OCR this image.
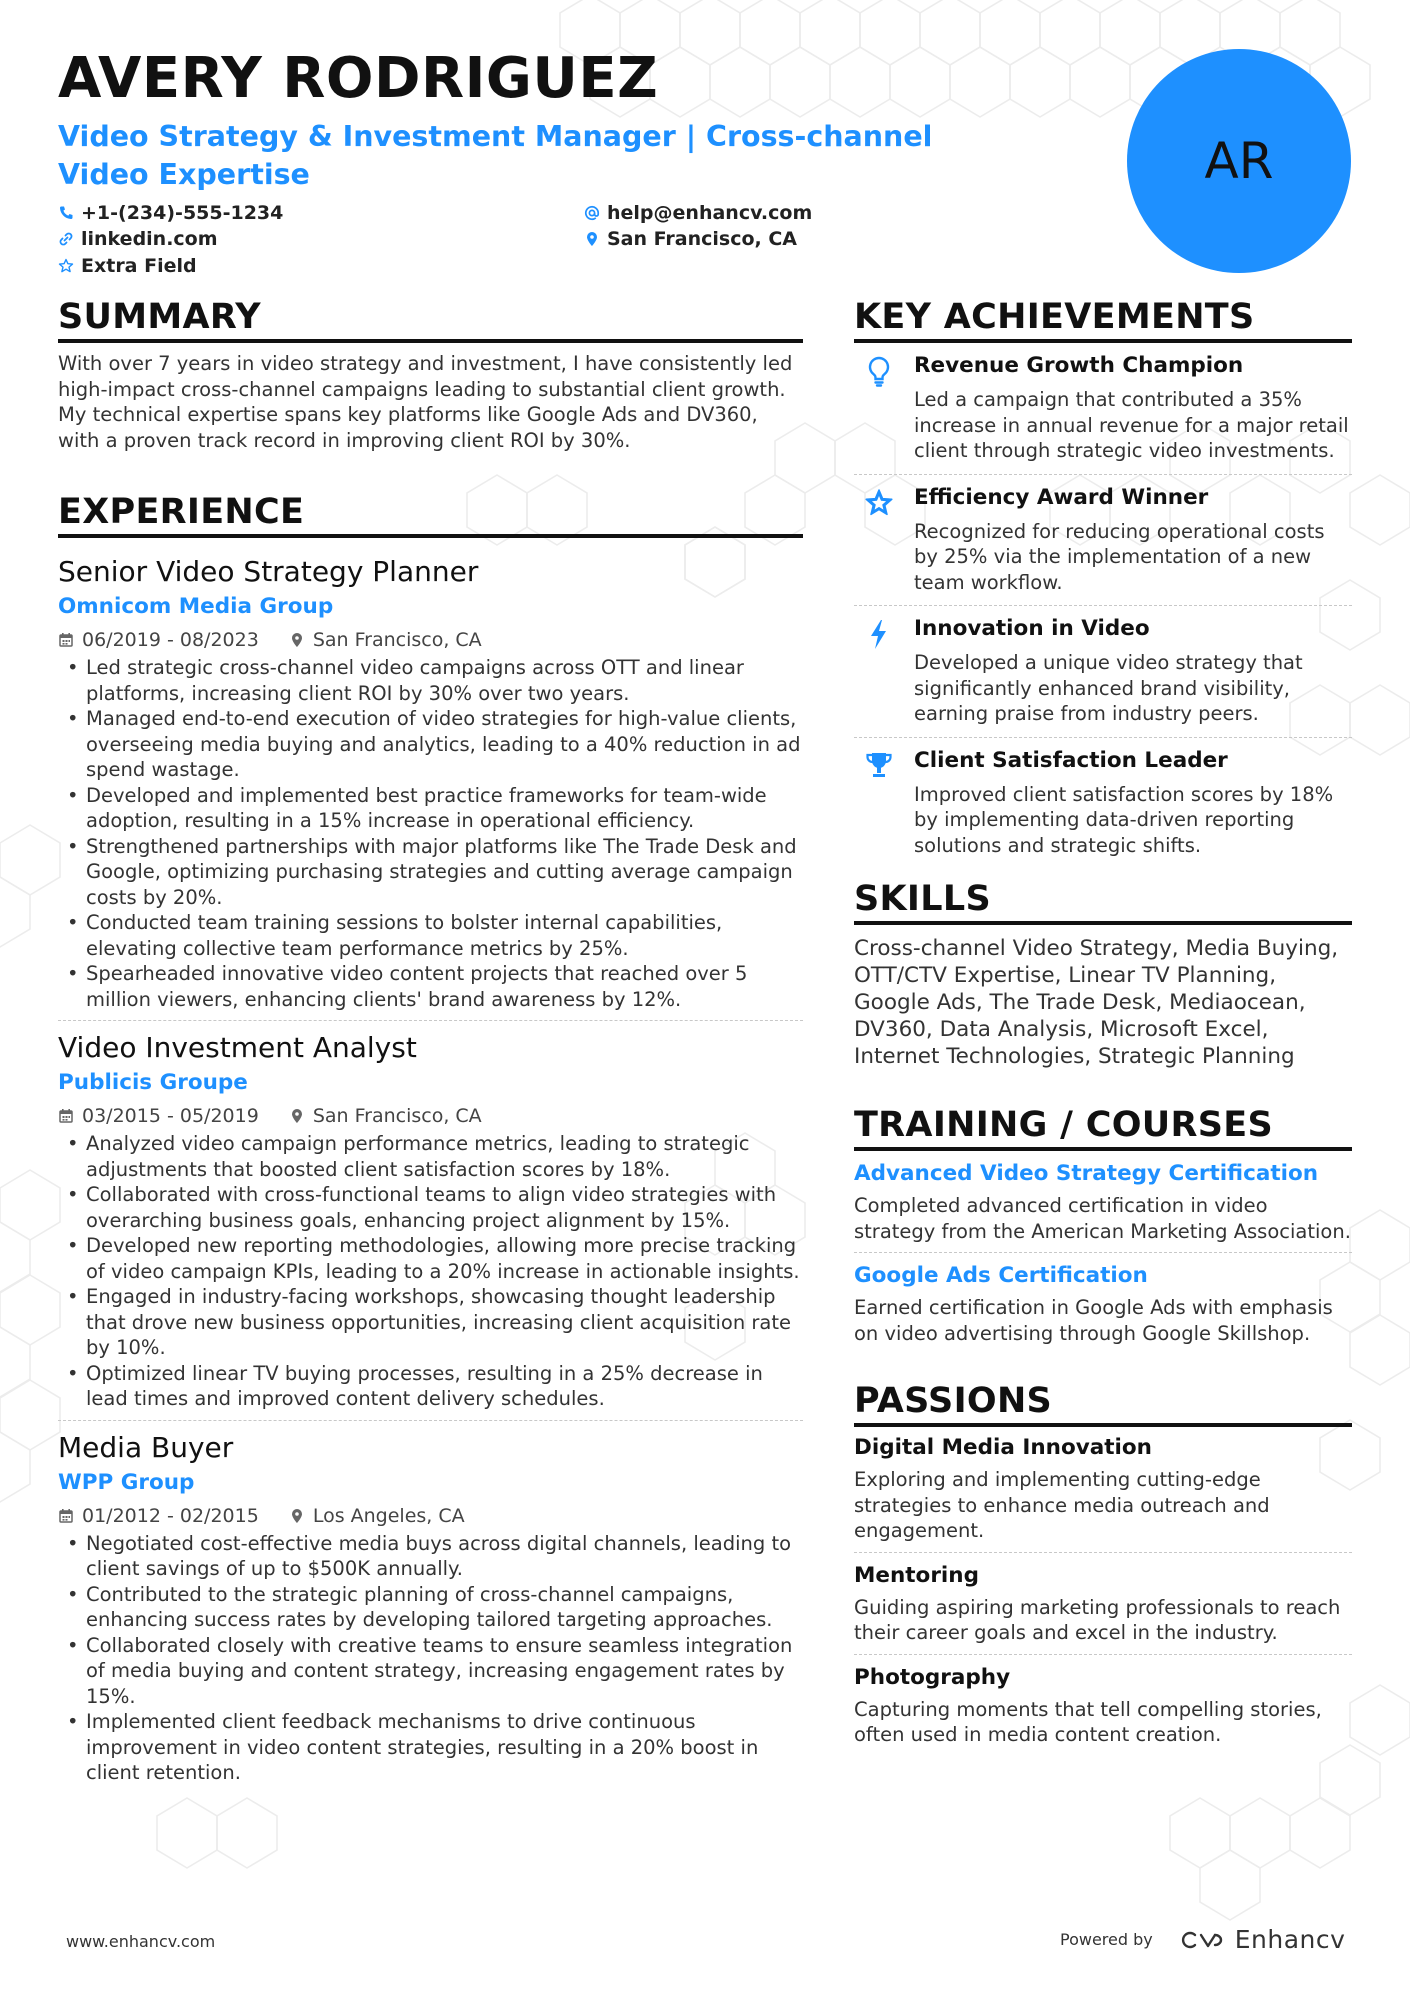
AVERY RODRIGUEZ
Video Strategy & Investment Manager | Cross-channel Video Expertise
+1-(234)-555-1234
linkedin.com
Extra Field
help@enhancv.com
San Francisco, CA
AR
SUMMARY

With over 7 years in video strategy and investment, I have consistently led high-impact cross-channel campaigns leading to substantial client growth. My technical expertise spans key platforms like Google Ads and DV360, with a proven track record in improving client ROI by 30%.

EXPERIENCE
Senior Video Strategy Planner
Omnicom Media Group
06/2019 - 08/2023	San Francisco, CA
• Led strategic cross-channel video campaigns across OTT and linear platforms, increasing client ROI by 30% over two years.
• Managed end-to-end execution of video strategies for high-value clients, overseeing media buying and analytics, leading to a 40% reduction in ad spend wastage.
• Developed and implemented best practice frameworks for team-wide adoption, resulting in a 15% increase in operational efficiency.
• Strengthened partnerships with major platforms like The Trade Desk and Google, optimizing purchasing strategies and cutting average campaign costs by 20%.
• Conducted team training sessions to bolster internal capabilities, elevating collective team performance metrics by 25%.
• Spearheaded innovative video content projects that reached over 5 million viewers, enhancing clients' brand awareness by 12%.
Video Investment Analyst
Publicis Groupe
03/2015 - 05/2019	San Francisco, CA
• Analyzed video campaign performance metrics, leading to strategic adjustments that boosted client satisfaction scores by 18%.
• Collaborated with cross-functional teams to align video strategies with overarching business goals, enhancing project alignment by 15%.
• Developed new reporting methodologies, allowing more precise tracking of video campaign KPIs, leading to a 20% increase in actionable insights.
• Engaged in industry-facing workshops, showcasing thought leadership that drove new business opportunities, increasing client acquisition rate by 10%.
• Optimized linear TV buying processes, resulting in a 25% decrease in lead times and improved content delivery schedules.
Media Buyer
WPP Group
01/2012 - 02/2015	Los Angeles, CA
• Negotiated cost-effective media buys across digital channels, leading to client savings of up to $500K annually.
• Contributed to the strategic planning of cross-channel campaigns, enhancing success rates by developing tailored targeting approaches.
• Collaborated closely with creative teams to ensure seamless integration of media buying and content strategy, increasing engagement rates by 15%.
• Implemented client feedback mechanisms to drive continuous improvement in video content strategies, resulting in a 20% boost in client retention.
KEY ACHIEVEMENTS
Revenue Growth Champion
Led a campaign that contributed a 35% increase in annual revenue for a major retail client through strategic video investments.
Efficiency Award Winner
Recognized for reducing operational costs by 25% via the implementation of a new team workflow.
Innovation in Video
Developed a unique video strategy that significantly enhanced brand visibility, earning praise from industry peers.
Client Satisfaction Leader
Improved client satisfaction scores by 18% by implementing data-driven reporting solutions and strategic shifts.
SKILLS
Cross-channel Video Strategy, Media Buying, OTT/CTV Expertise, Linear TV Planning, Google Ads, The Trade Desk, Mediaocean, DV360, Data Analysis, Microsoft Excel, Internet Technologies, Strategic Planning
TRAINING / COURSES
Advanced Video Strategy Certification
Completed advanced certification in video strategy from the American Marketing Association.
Google Ads Certification
Earned certification in Google Ads with emphasis on video advertising through Google Skillshop.
PASSIONS
Digital Media Innovation
Exploring and implementing cutting-edge strategies to enhance media outreach and engagement.
Mentoring
Guiding aspiring marketing professionals to reach their career goals and excel in the industry.
Photography
Capturing moments that tell compelling stories, often used in media content creation.
www.enhancv.com	Powered by	Enhancv
